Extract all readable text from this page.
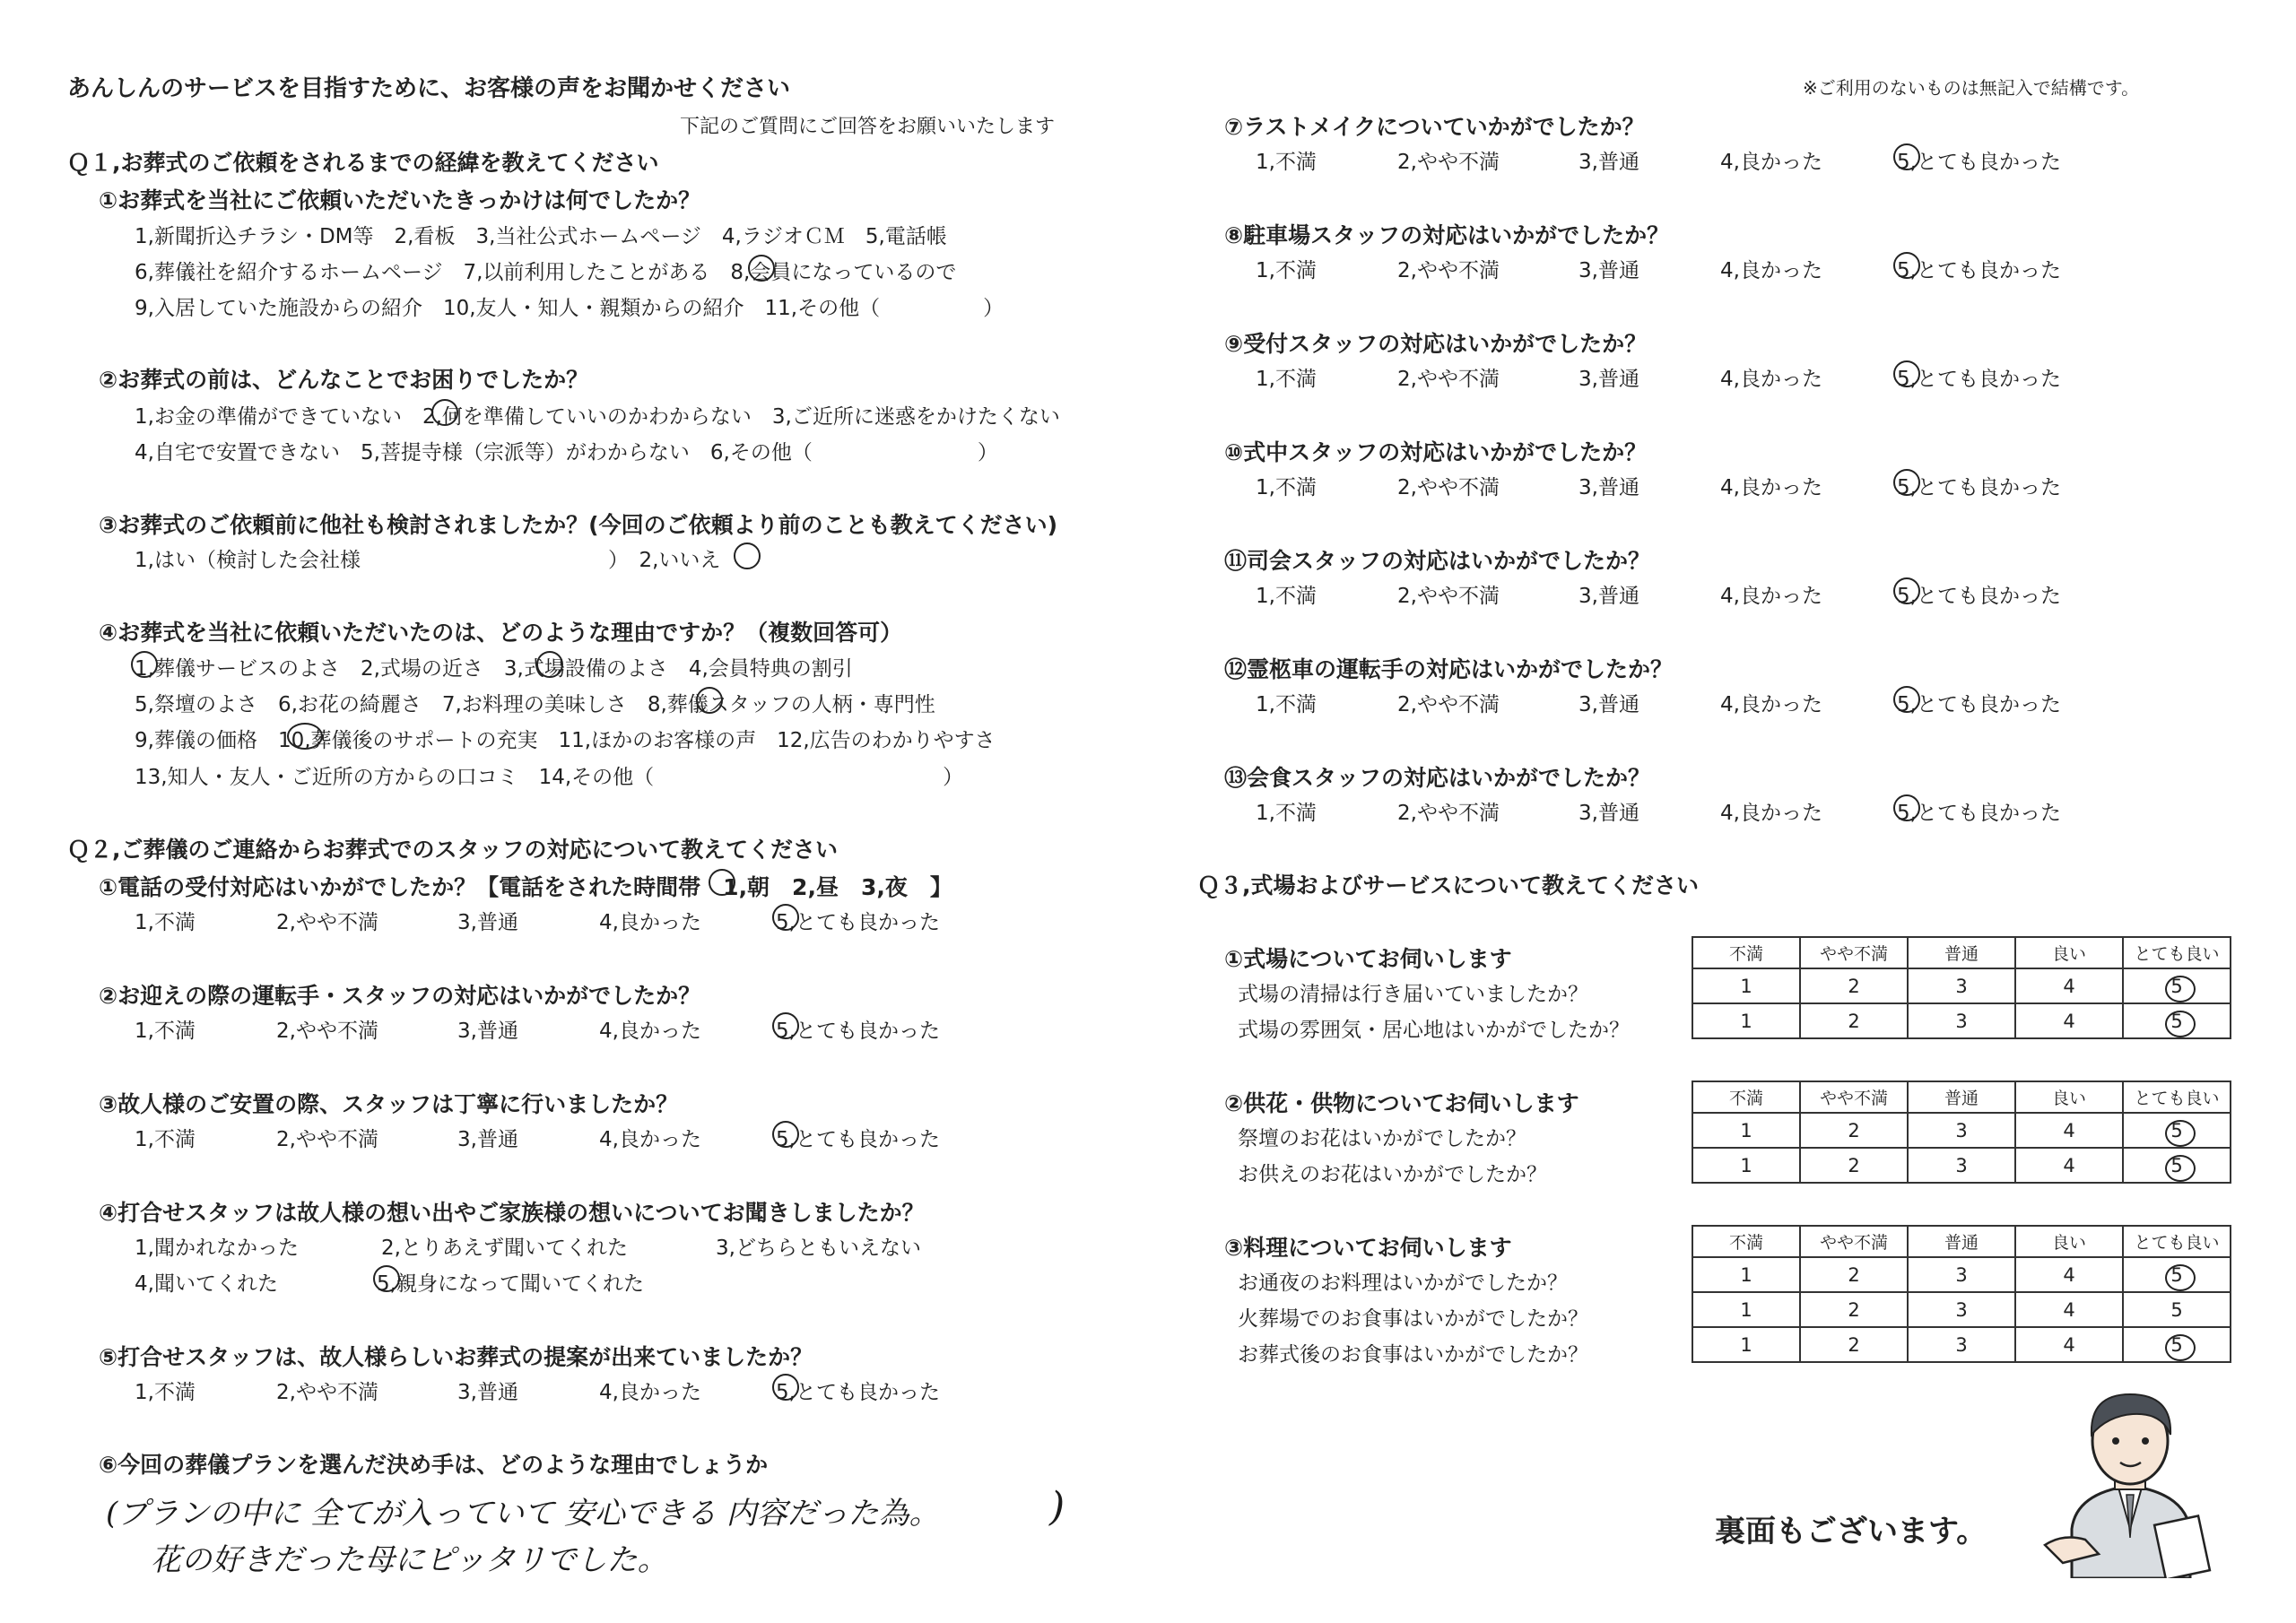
あんしんのサービスを目指すために、お客様の声をお聞かせください
下記のご質問にご回答をお願いいたします
※ご利用のないものは無記入で結構です。
Ｑ１,お葬式のご依頼をされるまでの経緯を教えてください
①お葬式を当社にご依頼いただいたきっかけは何でしたか？
1,新聞折込チラシ・DM等　2,看板　3,当社公式ホームページ　4,ラジオＣＭ　5,電話帳
6,葬儀社を紹介するホームページ　7,以前利用したことがある　8,会員になっているので
9,入居していた施設からの紹介　10,友人・知人・親類からの紹介　11,その他（　　　　　）
②お葬式の前は、どんなことでお困りでしたか？
1,お金の準備ができていない　2,何を準備していいのかわからない　3,ご近所に迷惑をかけたくない
4,自宅で安置できない　5,菩提寺様（宗派等）がわからない　6,その他（　　　　　　　　）
③お葬式のご依頼前に他社も検討されましたか？(今回のご依頼より前のことも教えてください)
1,はい（検討した会社様　　　　　　　　　　　　）　2,いいえ
④お葬式を当社に依頼いただいたのは、どのような理由ですか？（複数回答可）
1,葬儀サービスのよさ　2,式場の近さ　3,式場設備のよさ　4,会員特典の割引
5,祭壇のよさ　6,お花の綺麗さ　7,お料理の美味しさ　8,葬儀スタッフの人柄・専門性
9,葬儀の価格　10,葬儀後のサポートの充実　11,ほかのお客様の声　12,広告のわかりやすさ
13,知人・友人・ご近所の方からの口コミ　14,その他（　　　　　　　　　　　　　　）
Ｑ２,ご葬儀のご連絡からお葬式でのスタッフの対応について教えてください
①電話の受付対応はいかがでしたか？【電話をされた時間帯　1,朝　2,昼　3,夜　】
1,不満	2,やや不満	3,普通	4,良かった	5,とても良かった
②お迎えの際の運転手・スタッフの対応はいかがでしたか？
1,不満	2,やや不満	3,普通	4,良かった	5,とても良かった
③故人様のご安置の際、スタッフは丁寧に行いましたか？
1,不満	2,やや不満	3,普通	4,良かった	5,とても良かった
④打合せスタッフは故人様の想い出やご家族様の想いについてお聞きしましたか？
1,聞かれなかった	2,とりあえず聞いてくれた	3,どちらともいえない
4,聞いてくれた	5,親身になって聞いてくれた
⑤打合せスタッフは、故人様らしいお葬式の提案が出来ていましたか？
1,不満	2,やや不満	3,普通	4,良かった	5,とても良かった
⑥今回の葬儀プランを選んだ決め手は、どのような理由でしょうか
(プランの中に 全てが入っていて 安心できる 内容だった為。	)
花の好きだった母にピッタリでした。
⑦ラストメイクについていかがでしたか？
1,不満	2,やや不満	3,普通	4,良かった	5,とても良かった
⑧駐車場スタッフの対応はいかがでしたか？
1,不満	2,やや不満	3,普通	4,良かった	5,とても良かった
⑨受付スタッフの対応はいかがでしたか？
1,不満	2,やや不満	3,普通	4,良かった	5,とても良かった
⑩式中スタッフの対応はいかがでしたか？
1,不満	2,やや不満	3,普通	4,良かった	5,とても良かった
⑪司会スタッフの対応はいかがでしたか？
1,不満	2,やや不満	3,普通	4,良かった	5,とても良かった
⑫霊柩車の運転手の対応はいかがでしたか？
1,不満	2,やや不満	3,普通	4,良かった	5,とても良かった
⑬会食スタッフの対応はいかがでしたか？
1,不満	2,やや不満	3,普通	4,良かった	5,とても良かった
Ｑ３,式場およびサービスについて教えてください
①式場についてお伺いします
式場の清掃は行き届いていましたか？
式場の雰囲気・居心地はいかがでしたか？
不満	やや不満	普通	良い	とても良い
1	2	3	4	5
1	2	3	4	5
②供花・供物についてお伺いします
祭壇のお花はいかがでしたか？
お供えのお花はいかがでしたか？
不満	やや不満	普通	良い	とても良い
1	2	3	4	5
1	2	3	4	5
③料理についてお伺いします
お通夜のお料理はいかがでしたか？
火葬場でのお食事はいかがでしたか？
お葬式後のお食事はいかがでしたか？
不満	やや不満	普通	良い	とても良い
1	2	3	4	5
1	2	3	4	5
1	2	3	4	5
裏面もございます。
